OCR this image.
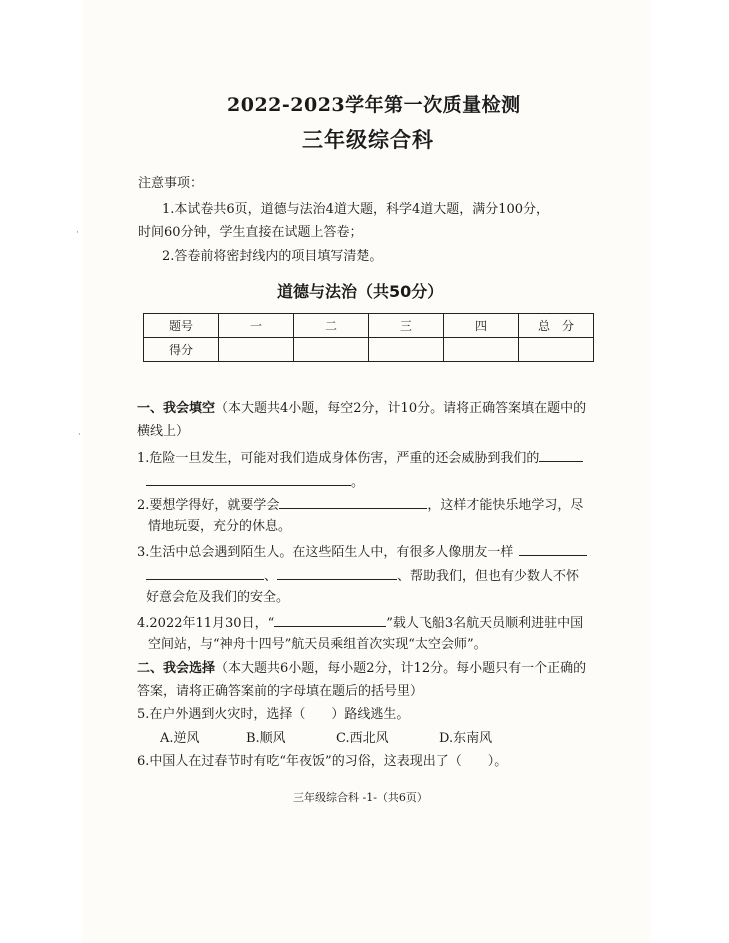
·
·
2022-2023学年第一次质量检测
三年级综合科
注意事项：
1.本试卷共6页，道德与法治4道大题，科学4道大题，满分100分，
时间60分钟，学生直接在试题上答卷；
2.答卷前将密封线内的项目填写清楚。
道德与法治（共50分）
题号	一	二	三	四	总　分
得分					
一、我会填空（本大题共4小题，每空2分，计10分。请将正确答案填在题中的
横线上）
1.危险一旦发生，可能对我们造成身体伤害，严重的还会威胁到我们的
。
2.要想学得好，就要学会	，这样才能快乐地学习，尽
情地玩耍，充分的休息。
3.生活中总会遇到陌生人。在这些陌生人中，有很多人像朋友一样
、	、帮助我们，但也有少数人不怀
好意会危及我们的安全。
4.2022年11月30日，“	”载人飞船3名航天员顺利进驻中国
空间站，与“神舟十四号”航天员乘组首次实现“太空会师”。
二、我会选择（本大题共6小题，每小题2分，计12分。每小题只有一个正确的
答案，请将正确答案前的字母填在题后的括号里）
5.在户外遇到火灾时，选择（　　）路线逃生。
A.逆风	B.顺风	C.西北风	D.东南风
6.中国人在过春节时有吃“年夜饭”的习俗，这表现出了（　　）。
三年级综合科 -1-（共6页）
